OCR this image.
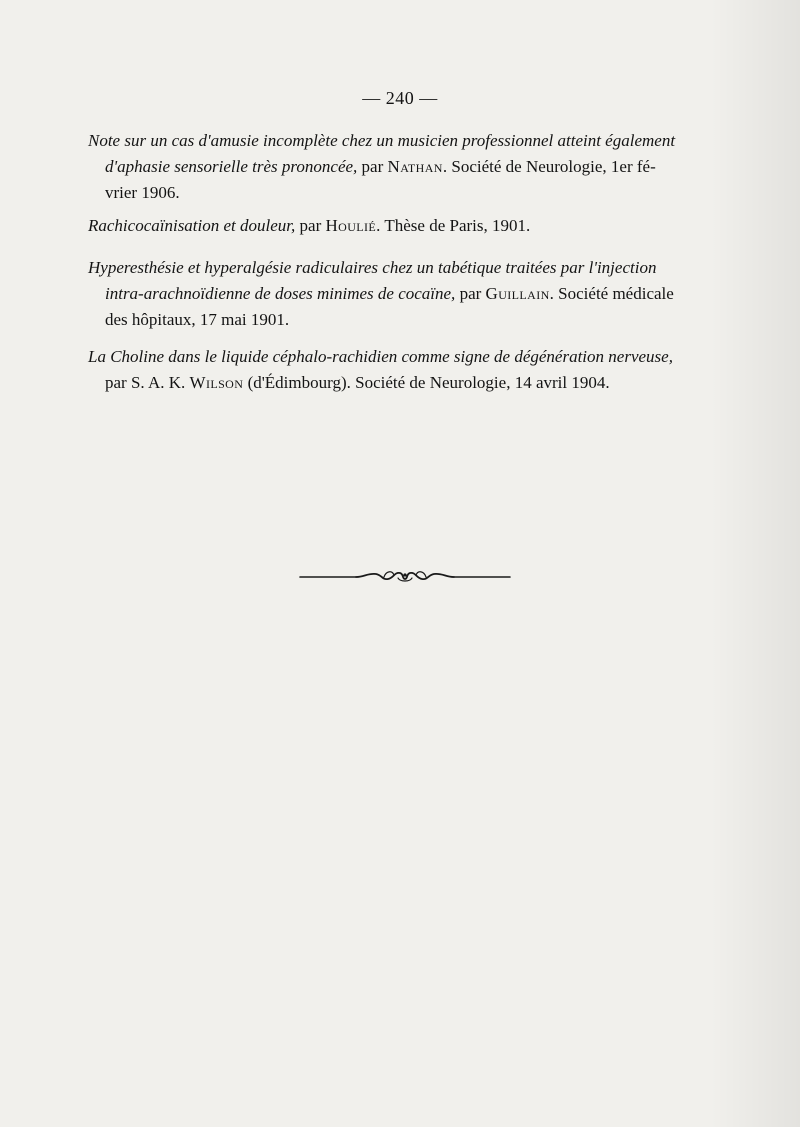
— 240 —

Note sur un cas d'amusie incomplète chez un musicien professionnel atteint également
d'aphasie sensorielle très prononcée, par Nathan. Société de Neurologie, 1er fé-
vrier 1906.

Rachicocaïnisation et douleur, par Houlié. Thèse de Paris, 1901.

Hyperesthésie et hyperalgésie radiculaires chez un tabétique traitées par l'injection
intra-arachnoïdienne de doses minimes de cocaïne, par Guillain. Société médicale
des hôpitaux, 17 mai 1901.

La Choline dans le liquide céphalo-rachidien comme signe de dégénération nerveuse,
par S. A. K. Wilson (d'Édimbourg). Société de Neurologie, 14 avril 1904.
